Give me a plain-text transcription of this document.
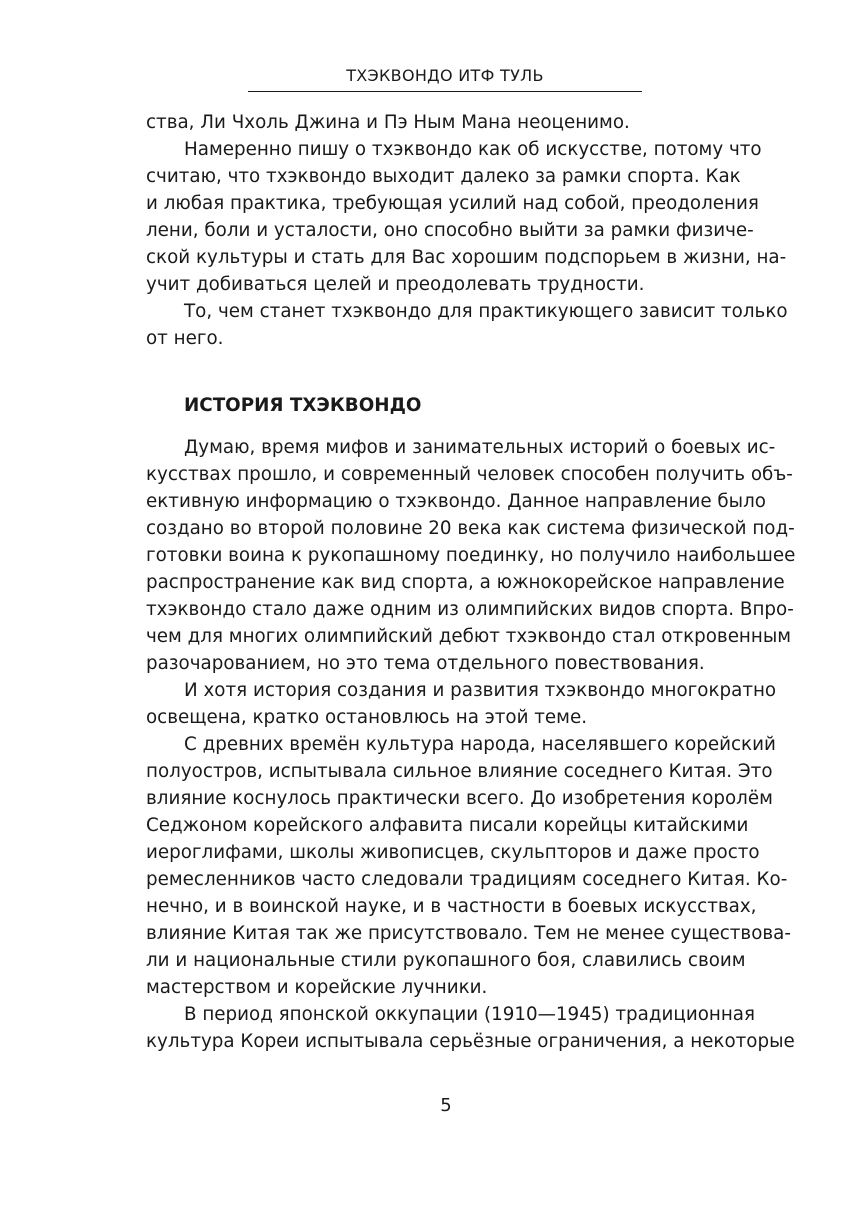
ТХЭКВОНДО ИТФ ТУЛЬ
ства, Ли Чхоль Джина и Пэ Ным Мана неоценимо.
Намеренно пишу о тхэквондо как об искусстве, потому что
считаю, что тхэквондо выходит далеко за рамки спорта. Как
и любая практика, требующая усилий над собой, преодоления
лени, боли и усталости, оно способно выйти за рамки физиче-
ской культуры и стать для Вас хорошим подспорьем в жизни, на-
учит добиваться целей и преодолевать трудности.
То, чем станет тхэквондо для практикующего зависит только
от него.
Думаю, время мифов и занимательных историй о боевых ис-
кусствах прошло, и современный человек способен получить объ-
ективную информацию о тхэквондо. Данное направление было
создано во второй половине 20 века как система физической под-
готовки воина к рукопашному поединку, но получило наибольшее
распространение как вид спорта, а южнокорейское направление
тхэквондо стало даже одним из олимпийских видов спорта. Впро-
чем для многих олимпийский дебют тхэквондо стал откровенным
разочарованием, но это тема отдельного повествования.
И хотя история создания и развития тхэквондо многократно
освещена, кратко остановлюсь на этой теме.
С древних времён культура народа, населявшего корейский
полуостров, испытывала сильное влияние соседнего Китая. Это
влияние коснулось практически всего. До изобретения королём
Седжоном корейского алфавита писали корейцы китайскими
иероглифами, школы живописцев, скульпторов и даже просто
ремесленников часто следовали традициям соседнего Китая. Ко-
нечно, и в воинской науке, и в частности в боевых искусствах,
влияние Китая так же присутствовало. Тем не менее существова-
ли и национальные стили рукопашного боя, славились своим
мастерством и корейские лучники.
В период японской оккупации (1910—1945) традиционная
культура Кореи испытывала серьёзные ограничения, а некоторые
ИСТОРИЯ ТХЭКВОНДО
5
